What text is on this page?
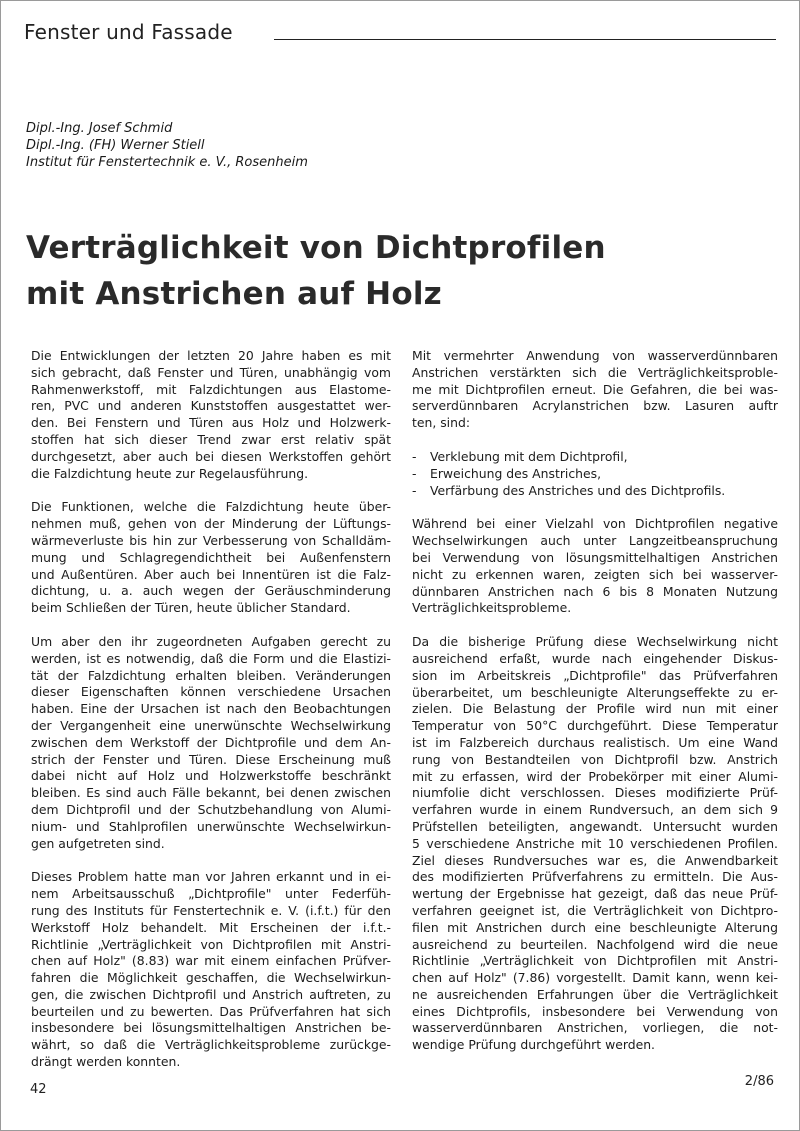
Fenster und Fassade
Dipl.-Ing. Josef Schmid
Dipl.-Ing. (FH) Werner Stiell
Institut für Fenstertechnik e. V., Rosenheim
Verträglichkeit von Dichtprofilen
mit Anstrichen auf Holz
Die Entwicklungen der letzten 20 Jahre haben es mit
sich gebracht, daß Fenster und Türen, unabhängig vom
Rahmenwerkstoff, mit Falzdichtungen aus Elastome-
ren, PVC und anderen Kunststoffen ausgestattet wer-
den. Bei Fenstern und Türen aus Holz und Holzwerk-
stoffen hat sich dieser Trend zwar erst relativ spät
durchgesetzt, aber auch bei diesen Werkstoffen gehört
die Falzdichtung heute zur Regelausführung.
Die Funktionen, welche die Falzdichtung heute über-
nehmen muß, gehen von der Minderung der Lüftungs-
wärmeverluste bis hin zur Verbesserung von Schalldäm-
mung und Schlagregendichtheit bei Außenfenstern
und Außentüren. Aber auch bei Innentüren ist die Falz-
dichtung, u. a. auch wegen der Geräuschminderung
beim Schließen der Türen, heute üblicher Standard.
Um aber den ihr zugeordneten Aufgaben gerecht zu
werden, ist es notwendig, daß die Form und die Elastizi-
tät der Falzdichtung erhalten bleiben. Veränderungen
dieser Eigenschaften können verschiedene Ursachen
haben. Eine der Ursachen ist nach den Beobachtungen
der Vergangenheit eine unerwünschte Wechselwirkung
zwischen dem Werkstoff der Dichtprofile und dem An-
strich der Fenster und Türen. Diese Erscheinung muß
dabei nicht auf Holz und Holzwerkstoffe beschränkt
bleiben. Es sind auch Fälle bekannt, bei denen zwischen
dem Dichtprofil und der Schutzbehandlung von Alumi-
nium- und Stahlprofilen unerwünschte Wechselwirkun-
gen aufgetreten sind.
Dieses Problem hatte man vor Jahren erkannt und in ei-
nem Arbeitsausschuß „Dichtprofile" unter Federfüh-
rung des Instituts für Fenstertechnik e. V. (i.f.t.) für den
Werkstoff Holz behandelt. Mit Erscheinen der i.f.t.-
Richtlinie „Verträglichkeit von Dichtprofilen mit Anstri-
chen auf Holz" (8.83) war mit einem einfachen Prüfver-
fahren die Möglichkeit geschaffen, die Wechselwirkun-
gen, die zwischen Dichtprofil und Anstrich auftreten, zu
beurteilen und zu bewerten. Das Prüfverfahren hat sich
insbesondere bei lösungsmittelhaltigen Anstrichen be-
währt, so daß die Verträglichkeitsprobleme zurückge-
drängt werden konnten.
Mit vermehrter Anwendung von wasserverdünnbaren
Anstrichen verstärkten sich die Verträglichkeitsproble-
me mit Dichtprofilen erneut. Die Gefahren, die bei was-
serverdünnbaren Acrylanstrichen bzw. Lasuren auftr
ten, sind:
- Verklebung mit dem Dichtprofil,
- Erweichung des Anstriches,
- Verfärbung des Anstriches und des Dichtprofils.
Während bei einer Vielzahl von Dichtprofilen negative
Wechselwirkungen auch unter Langzeitbeanspruchung
bei Verwendung von lösungsmittelhaltigen Anstrichen
nicht zu erkennen waren, zeigten sich bei wasserver-
dünnbaren Anstrichen nach 6 bis 8 Monaten Nutzung
Verträglichkeitsprobleme.
Da die bisherige Prüfung diese Wechselwirkung nicht
ausreichend erfaßt, wurde nach eingehender Diskus-
sion im Arbeitskreis „Dichtprofile" das Prüfverfahren
überarbeitet, um beschleunigte Alterungseffekte zu er-
zielen. Die Belastung der Profile wird nun mit einer
Temperatur von 50°C durchgeführt. Diese Temperatur
ist im Falzbereich durchaus realistisch. Um eine Wand
rung von Bestandteilen von Dichtprofil bzw. Anstrich
mit zu erfassen, wird der Probekörper mit einer Alumi-
niumfolie dicht verschlossen. Dieses modifizierte Prüf-
verfahren wurde in einem Rundversuch, an dem sich 9
Prüfstellen beteiligten, angewandt. Untersucht wurden
5 verschiedene Anstriche mit 10 verschiedenen Profilen.
Ziel dieses Rundversuches war es, die Anwendbarkeit
des modifizierten Prüfverfahrens zu ermitteln. Die Aus-
wertung der Ergebnisse hat gezeigt, daß das neue Prüf-
verfahren geeignet ist, die Verträglichkeit von Dichtpro-
filen mit Anstrichen durch eine beschleunigte Alterung
ausreichend zu beurteilen. Nachfolgend wird die neue
Richtlinie „Verträglichkeit von Dichtprofilen mit Anstri-
chen auf Holz" (7.86) vorgestellt. Damit kann, wenn kei-
ne ausreichenden Erfahrungen über die Verträglichkeit
eines Dichtprofils, insbesondere bei Verwendung von
wasserverdünnbaren Anstrichen, vorliegen, die not-
wendige Prüfung durchgeführt werden.
42
2/86
